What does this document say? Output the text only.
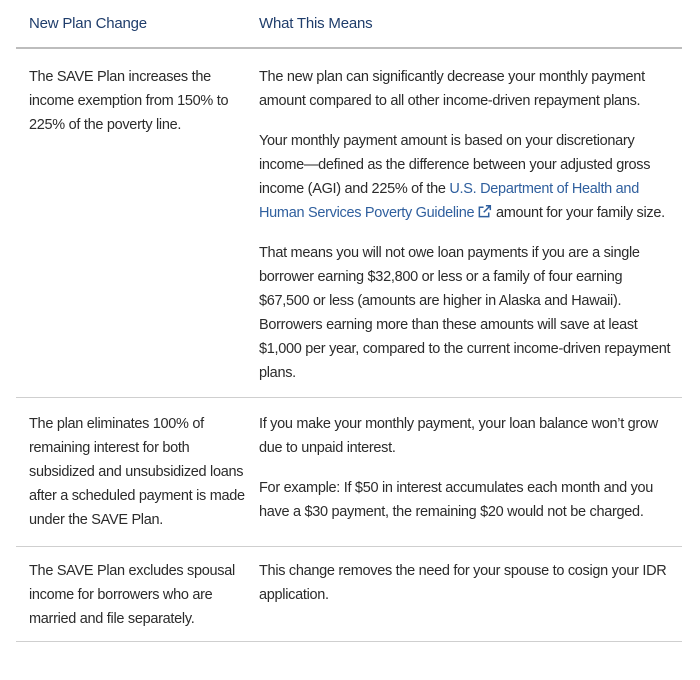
New Plan Change	What This Means

The SAVE Plan increases the income exemption from 150% to 225% of the poverty line.

The new plan can significantly decrease your monthly payment amount compared to all other income-driven repayment plans.

Your monthly payment amount is based on your discretionary income—defined as the difference between your adjusted gross income (AGI) and 225% of the U.S. Department of Health and Human Services Poverty Guideline amount for your family size.

That means you will not owe loan payments if you are a single borrower earning $32,800 or less or a family of four earning $67,500 or less (amounts are higher in Alaska and Hawaii). Borrowers earning more than these amounts will save at least $1,000 per year, compared to the current income-driven repayment plans.

The plan eliminates 100% of remaining interest for both subsidized and unsubsidized loans after a scheduled payment is made under the SAVE Plan.

If you make your monthly payment, your loan balance won’t grow due to unpaid interest.

For example: If $50 in interest accumulates each month and you have a $30 payment, the remaining $20 would not be charged.

The SAVE Plan excludes spousal income for borrowers who are married and file separately.

This change removes the need for your spouse to cosign your IDR application.
